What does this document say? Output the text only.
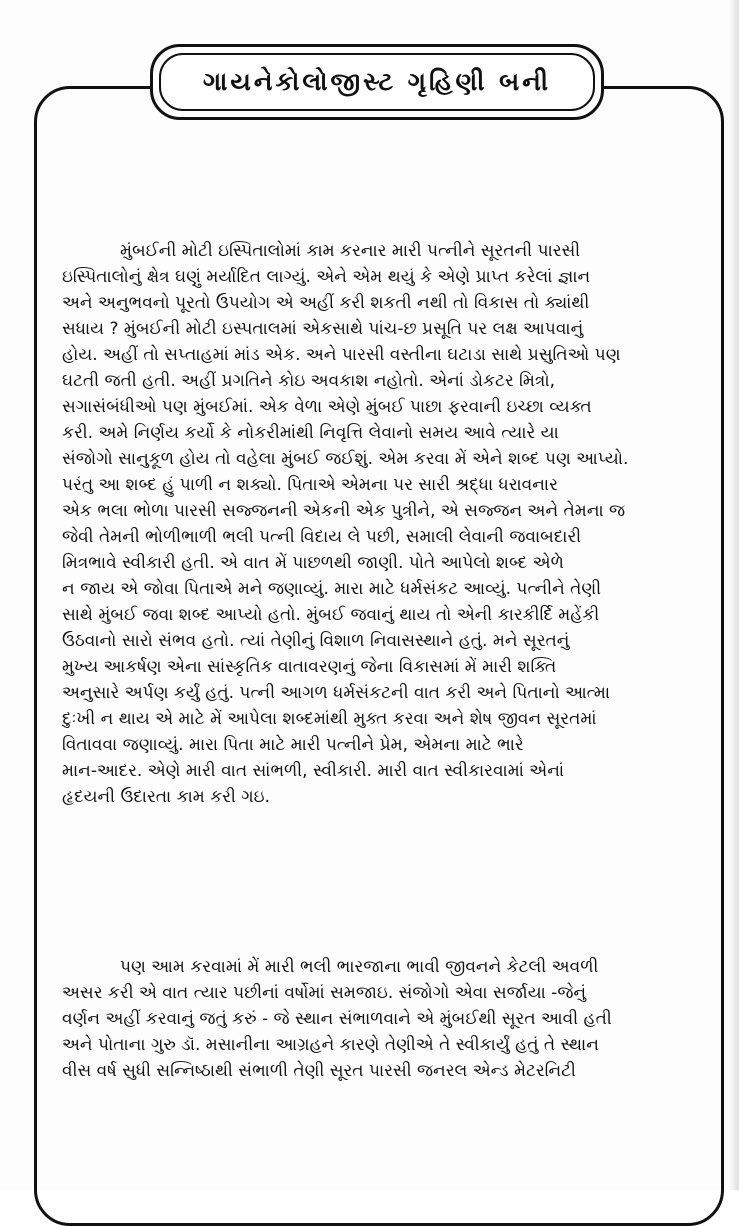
ગાયનેકોલોજીસ્ટ ગૃહિણી બની
મુંબઈની મોટી ઇસ્પિતાલોમાં કામ કરનાર મારી પત્નીને સૂરતની પારસી
ઇસ્પિતાલોનું ક્ષેત્ર ઘણું મર્યાદિત લાગ્યું. એને એમ થયું કે એણે પ્રાપ્ત કરેલાં જ્ઞાન
અને અનુભવનો પૂરતો ઉપયોગ એ અહીં કરી શકતી નથી તો વિકાસ તો ક્યાંથી
સધાય ? મુંબઈની મોટી ઇસ્પતાલમાં એકસાથે પાંચ-છ પ્રસૂતિ પર લક્ષ આપવાનું
હોય. અહીં તો સપ્તાહમાં માંડ એક. અને પારસી વસ્તીના ઘટાડા સાથે પ્રસુતિઓ પણ
ઘટતી જતી હતી. અહીં પ્રગતિને કોઇ અવકાશ નહોતો. એનાં ડોકટર મિત્રો,
સગાસંબંધીઓ પણ મુંબઈમાં. એક વેળા એણે મુંબઈ પાછા ફરવાની ઇચ્છા વ્યક્ત
કરી. અમે નિર્ણય કર્યો કે નોકરીમાંથી નિવૃત્તિ લેવાનો સમય આવે ત્યારે યા
સંજોગો સાનુકૂળ હોય તો વહેલા મુંબઈ જઈશું. એમ કરવા મેં એને શબ્દ પણ આપ્યો.
પરંતુ આ શબ્દ હું પાળી ન શક્યો. પિતાએ એમના પર સારી શ્રદ્ધા ધરાવનાર
એક ભલા ભોળા પારસી સજ્જનની એકની એક પુત્રીને, એ સજ્જન અને તેમના જ
જેવી તેમની ભોળીભાળી ભલી પત્ની વિદાય લે પછી, સમાલી લેવાની જવાબદારી
મિત્રભાવે સ્વીકારી હતી. એ વાત મેં પાછળથી જાણી. પોતે આપેલો શબ્દ એળે
ન જાય એ જોવા પિતાએ મને જણાવ્યું. મારા માટે ધર્મસંકટ આવ્યું. પત્નીને તેણી
સાથે મુંબઈ જવા શબ્દ આપ્યો હતો. મુંબઈ જવાનું થાય તો એની કારકીર્દિ મહેંકી
ઉઠવાનો સારો સંભવ હતો. ત્યાં તેણીનું વિશાળ નિવાસસ્થાને હતું. મને સૂરતનું
મુખ્ય આકર્ષણ એના સાંસ્કૃતિક વાતાવરણનું જેના વિકાસમાં મેં મારી શક્તિ
અનુસારે અર્પણ કર્યું હતું. પત્ની આગળ ધર્મસંકટની વાત કરી અને પિતાનો આત્મા
દુઃખી ન થાય એ માટે મેં આપેલા શબ્દમાંથી મુક્ત કરવા અને શેષ જીવન સૂરતમાં
વિતાવવા જણાવ્યું. મારા પિતા માટે મારી પત્નીને પ્રેમ, એમના માટે ભારે
માન-આદર. એણે મારી વાત સાંભળી, સ્વીકારી. મારી વાત સ્વીકારવામાં એનાં
હૃદયની ઉદારતા કામ કરી ગઇ.
પણ આમ કરવામાં મેં મારી ભલી ભારજાના ભાવી જીવનને કેટલી અવળી
અસર કરી એ વાત ત્યાર પછીનાં વર્ષોમાં સમજાઇ. સંજોગો એવા સર્જાયા -જેનું
વર્ણન અહીં કરવાનું જતું કરું - જે સ્થાન સંભાળવાને એ મુંબઈથી સૂરત આવી હતી
અને પોતાના ગુરુ ડૉ. મસાનીના આગ્રહને કારણે તેણીએ તે સ્વીકાર્યું હતું તે સ્થાન
વીસ વર્ષ સુધી સન્નિષ્ઠાથી સંભાળી તેણી સૂરત પારસી જનરલ એન્ડ મેટરનિટી
